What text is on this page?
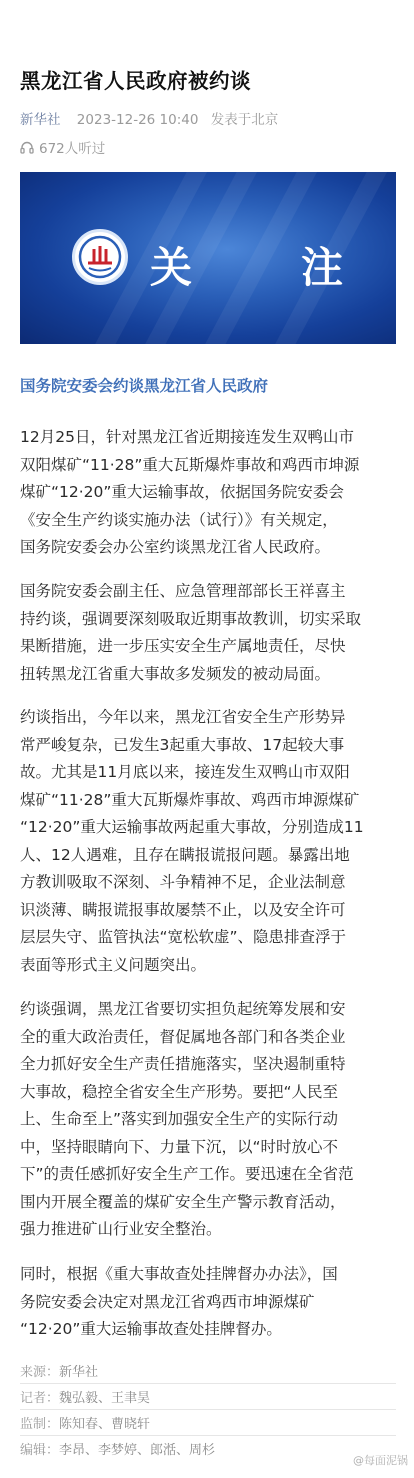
黑龙江省人民政府被约谈
新华社 2023-12-26 10:40 发表于北京
672人听过
关	注
国务院安委会约谈黑龙江省人民政府
12月25日，针对黑龙江省近期接连发生双鸭山市
双阳煤矿“11·28”重大瓦斯爆炸事故和鸡西市坤源
煤矿“12·20”重大运输事故，依据国务院安委会
《安全生产约谈实施办法（试行）》有关规定，
国务院安委会办公室约谈黑龙江省人民政府。
国务院安委会副主任、应急管理部部长王祥喜主
持约谈，强调要深刻吸取近期事故教训，切实采取
果断措施，进一步压实安全生产属地责任，尽快
扭转黑龙江省重大事故多发频发的被动局面。
约谈指出，今年以来，黑龙江省安全生产形势异
常严峻复杂，已发生3起重大事故、17起较大事
故。尤其是11月底以来，接连发生双鸭山市双阳
煤矿“11·28”重大瓦斯爆炸事故、鸡西市坤源煤矿
“12·20”重大运输事故两起重大事故，分别造成11
人、12人遇难，且存在瞒报谎报问题。暴露出地
方教训吸取不深刻、斗争精神不足，企业法制意
识淡薄、瞒报谎报事故屡禁不止，以及安全许可
层层失守、监管执法“宽松软虚”、隐患排查浮于
表面等形式主义问题突出。
约谈强调，黑龙江省要切实担负起统筹发展和安
全的重大政治责任，督促属地各部门和各类企业
全力抓好安全生产责任措施落实，坚决遏制重特
大事故，稳控全省安全生产形势。要把“人民至
上、生命至上”落实到加强安全生产的实际行动
中，坚持眼睛向下、力量下沉，以“时时放心不
下”的责任感抓好安全生产工作。要迅速在全省范
围内开展全覆盖的煤矿安全生产警示教育活动，
强力推进矿山行业安全整治。
同时，根据《重大事故查处挂牌督办办法》，国
务院安委会决定对黑龙江省鸡西市坤源煤矿
“12·20”重大运输事故查处挂牌督办。
来源：新华社
记者：魏弘毅、王聿昊
监制：陈知春、曹晓轩
编辑：李昂、李梦婷、郎湉、周杉
@每面泥锅
